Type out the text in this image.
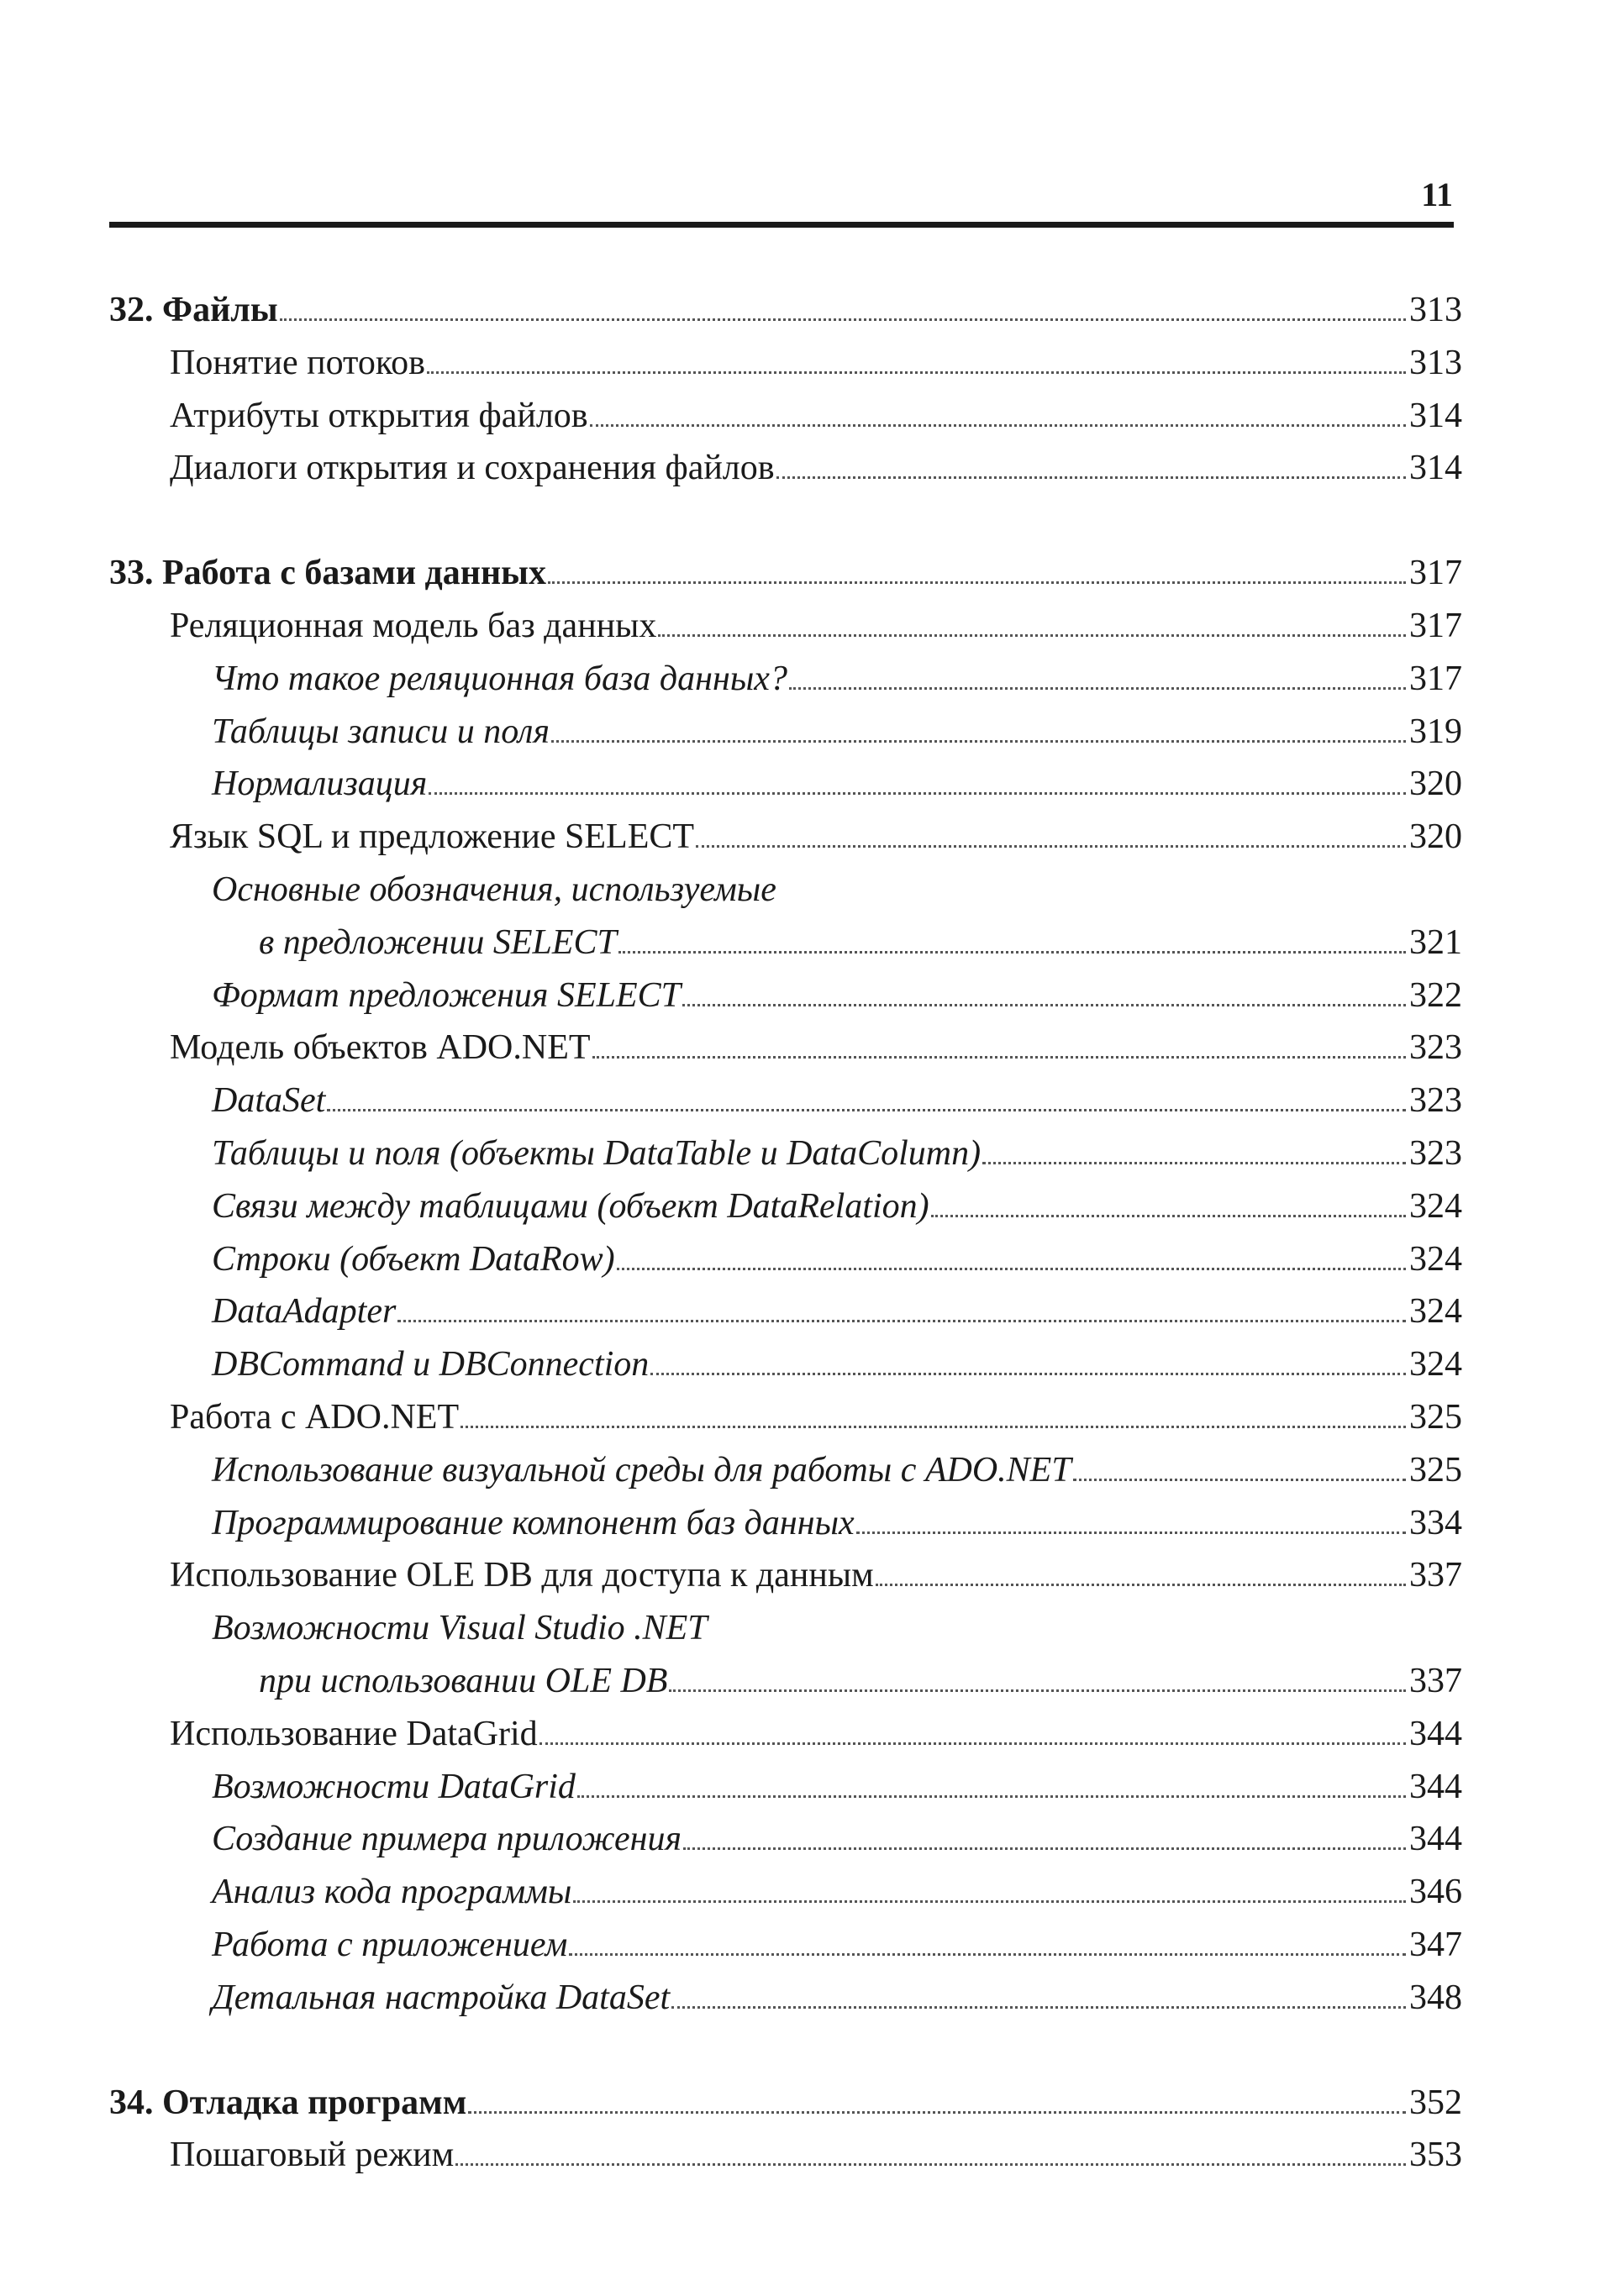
11
32. Файлы	313
Понятие потоков	313
Атрибуты открытия файлов	314
Диалоги открытия и сохранения файлов	314
33. Работа с базами данных	317
Реляционная модель баз данных	317
Что такое реляционная база данных?	317
Таблицы записи и поля	319
Нормализация	320
Язык SQL и предложение SELECT	320
Основные обозначения, используемые
в предложении SELECT	321
Формат предложения SELECT	322
Модель объектов ADO.NET	323
DataSet	323
Таблицы и поля (объекты DataTable и DataColumn)	323
Связи между таблицами (объект DataRelation)	324
Строки (объект DataRow)	324
DataAdapter	324
DBCommand и DBConnection	324
Работа с ADO.NET	325
Использование визуальной среды для работы с ADO.NET	325
Программирование компонент баз данных	334
Использование OLE DB для доступа к данным	337
Возможности Visual Studio .NET
при использовании OLE DB	337
Использование DataGrid	344
Возможности DataGrid	344
Создание примера приложения	344
Анализ кода программы	346
Работа с приложением	347
Детальная настройка DataSet	348
34. Отладка программ	352
Пошаговый режим	353
